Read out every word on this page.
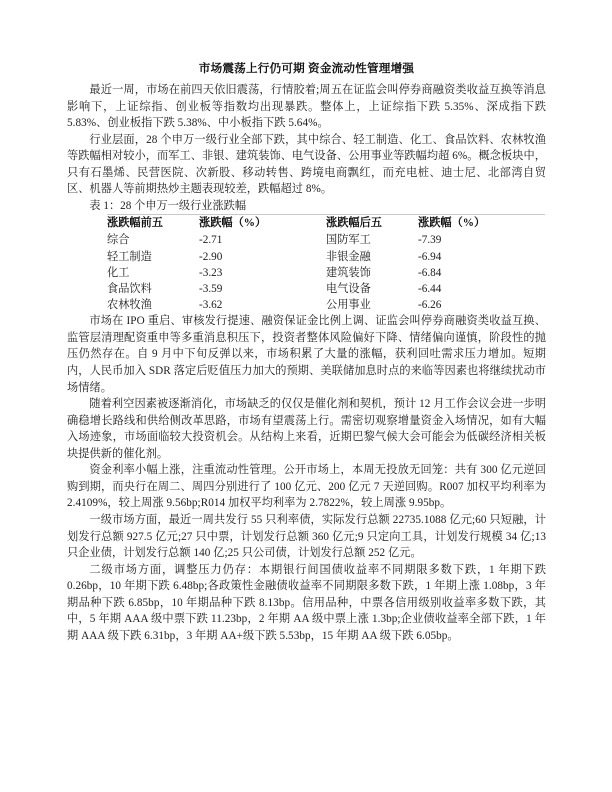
市场震荡上行仍可期 资金流动性管理增强

最近一周，市场在前四天依旧震荡，行情胶着;周五在证监会叫停券商融资类收益互换等消息影响下，上证综指、创业板等指数均出现暴跌。整体上，上证综指下跌 5.35%、深成指下跌 5.83%、创业板指下跌 5.38%、中小板指下跌 5.64%。

行业层面，28 个申万一级行业全部下跌，其中综合、轻工制造、化工、食品饮料、农林牧渔等跌幅相对较小，而军工、非银、建筑装饰、电气设备、公用事业等跌幅均超 6%。概念板块中，只有石墨烯、民营医院、次新股、移动转售、跨境电商飘红，而充电桩、迪士尼、北部湾自贸区、机器人等前期热炒主题表现较差，跌幅超过 8%。

表 1：28 个申万一级行业涨跌幅

涨跌幅前五	涨跌幅（%）	涨跌幅后五	涨跌幅（%）
综合	-2.71	国防军工	-7.39
轻工制造	-2.90	非银金融	-6.94
化工	-3.23	建筑装饰	-6.84
食品饮料	-3.59	电气设备	-6.44
农林牧渔	-3.62	公用事业	-6.26

市场在 IPO 重启、审核发行提速、融资保证金比例上调、证监会叫停券商融资类收益互换、监管层清理配资重申等多重消息积压下，投资者整体风险偏好下降、情绪偏向谨慎，阶段性的抛压仍然存在。自 9 月中下旬反弹以来，市场积累了大量的涨幅，获利回吐需求压力增加。短期内，人民币加入 SDR 落定后贬值压力加大的预期、美联储加息时点的来临等因素也将继续扰动市场情绪。

随着利空因素被逐渐消化，市场缺乏的仅仅是催化剂和契机，预计 12 月工作会议会进一步明确稳增长路线和供给侧改革思路，市场有望震荡上行。需密切观察增量资金入场情况，如有大幅入场迹象，市场面临较大投资机会。从结构上来看，近期巴黎气候大会可能会为低碳经济相关板块提供新的催化剂。

资金利率小幅上涨，注重流动性管理。公开市场上，本周无投放无回笼：共有 300 亿元逆回购到期，而央行在周二、周四分别进行了 100 亿元、200 亿元 7 天逆回购。R007 加权平均利率为 2.4109%，较上周涨 9.56bp;R014 加权平均利率为 2.7822%，较上周涨 9.95bp。

一级市场方面，最近一周共发行 55 只利率债，实际发行总额 22735.1088 亿元;60 只短融，计划发行总额 927.5 亿元;27 只中票，计划发行总额 360 亿元;9 只定向工具，计划发行规模 34 亿;13 只企业债，计划发行总额 140 亿;25 只公司债，计划发行总额 252 亿元。

二级市场方面，调整压力仍存：本期银行间国债收益率不同期限多数下跌，1 年期下跌 0.26bp，10 年期下跌 6.48bp;各政策性金融债收益率不同期限多数下跌，1 年期上涨 1.08bp，3 年期品种下跌 6.85bp，10 年期品种下跌 8.13bp。信用品种，中票各信用级别收益率多数下跌，其中，5 年期 AAA 级中票下跌 11.23bp，2 年期 AA 级中票上涨 1.3bp;企业债收益率全部下跌，1 年期 AAA 级下跌 6.31bp，3 年期 AA+级下跌 5.53bp，15 年期 AA 级下跌 6.05bp。
